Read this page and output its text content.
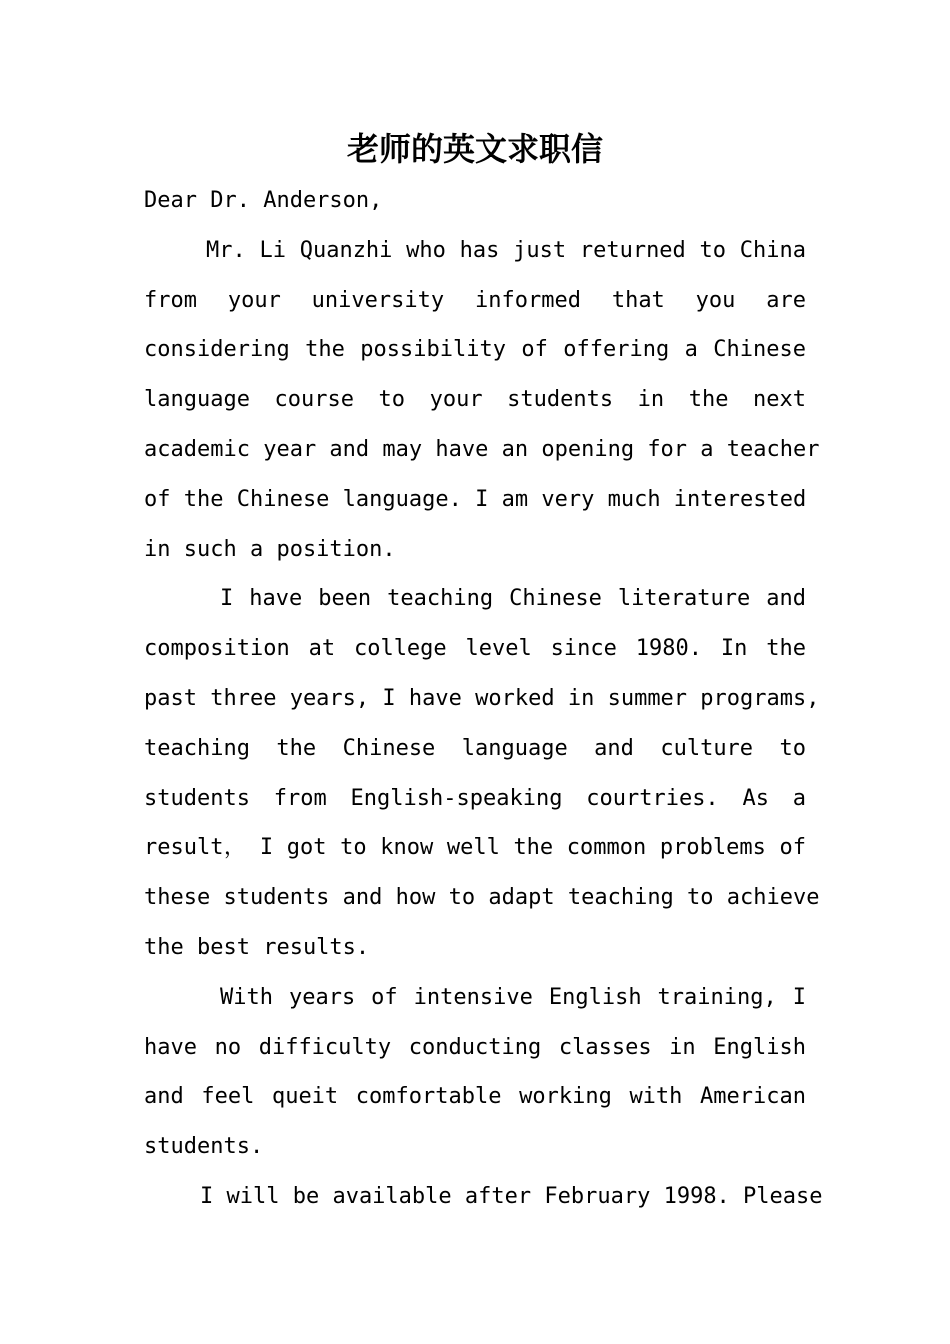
老师的英文求职信
Dear Dr. Anderson,
Mr. Li Quanzhi who has just returned to China
from your university informed that you are
considering the possibility of offering a Chinese
language course to your students in the next
academic year and may have an opening for a teacher
of the Chinese language. I am very much interested
in such a position.
I have been teaching Chinese literature and
composition at college level since 1980. In the
past three years, I have worked in summer programs,
teaching the Chinese language and culture to
students from English-speaking courtries. As a
result， I got to know well the common problems of
these students and how to adapt teaching to achieve
the best results.
With years of intensive English training, I
have no difficulty conducting classes in English
and feel queit comfortable working with American
students.
I will be available after February 1998. Please
